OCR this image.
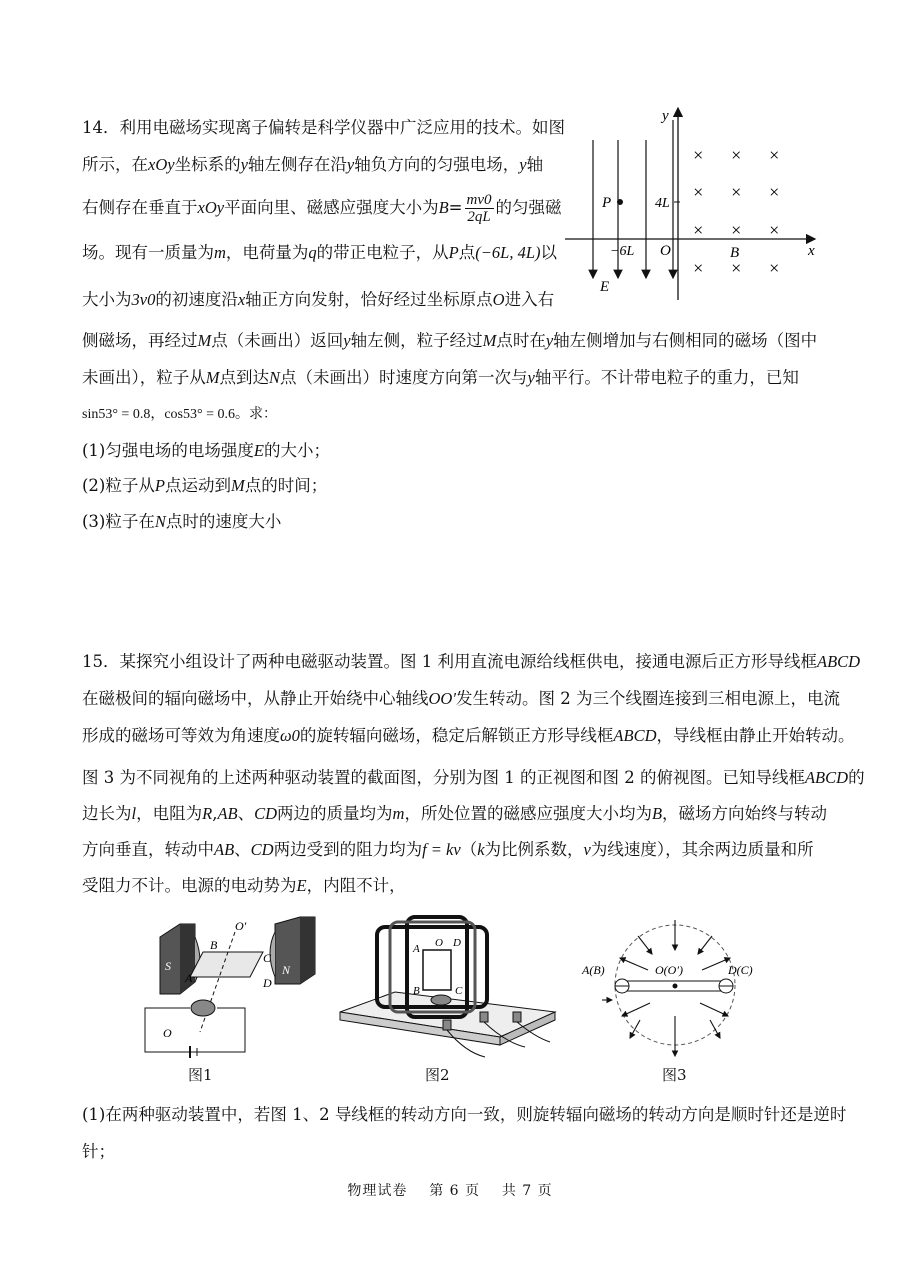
14．利用电磁场实现离子偏转是科学仪器中广泛应用的技术。如图
所示，在xOy坐标系的y轴左侧存在沿y轴负方向的匀强电场，y轴
右侧存在垂直于xOy平面向里、磁感应强度大小为$B= \frac{mv0}{2qL}$ 的匀强磁
场。现有一质量为m，电荷量为q的带正电粒子，从P点(−6L, 4L)以
大小为3v0的初速度沿x轴正方向发射，恰好经过坐标原点O进入右
侧磁场，再经过M点（未画出）返回y轴左侧，粒子经过M点时在y轴左侧增加与右侧相同的磁场（图中
未画出），粒子从M点到达N点（未画出）时速度方向第一次与y轴平行。不计带电粒子的重力，已知
sin53° = 0.8，cos53° = 0.6。求：
(1)匀强电场的电场强度E的大小；
(2)粒子从P点运动到M点的时间；
(3)粒子在N点时的速度大小
y
x
P	4L
−6L O	B
E
× × ×
× × ×
× × ×
× × ×
15．某探究小组设计了两种电磁驱动装置。图 1 利用直流电源给线框供电，接通电源后正方形导线框ABCD
在磁极间的辐向磁场中，从静止开始绕中心轴线OO′发生转动。图 2 为三个线圈连接到三相电源上，电流
形成的磁场可等效为角速度ω0的旋转辐向磁场，稳定后解锁正方形导线框ABCD，导线框由静止开始转动。
图 3 为不同视角的上述两种驱动装置的截面图，分别为图 1 的正视图和图 2 的俯视图。已知导线框ABCD的
边长为l，电阻为R,AB、CD两边的质量均为m，所处位置的磁感应强度大小均为B，磁场方向始终与转动
方向垂直，转动中AB、CD两边受到的阻力均为f = kv（k为比例系数，v为线速度），其余两边质量和所
受阻力不计。电源的电动势为E，内阻不计，
S	N
O′
B
C
D
A
O
图1
A O D
B	C
图2
A(B)	O(O′)	D(C)
图3
(1)在两种驱动装置中，若图 1、2 导线框的转动方向一致，则旋转辐向磁场的转动方向是顺时针还是逆时
针；
物理试卷 第 6 页 共 7 页
